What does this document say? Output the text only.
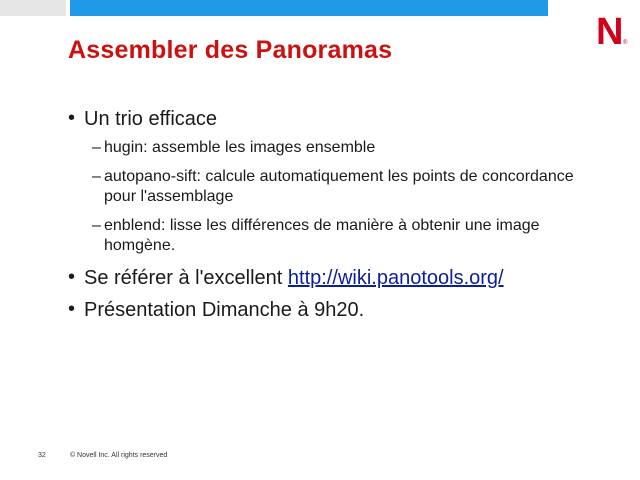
N ®
Assembler des Panoramas
• Un trio efficace
– hugin: assemble les images ensemble
– autopano-sift: calcule automatiquement les points de concordance pour l'assemblage
– enblend: lisse les différences de manière à obtenir une image homgène.
• Se référer à l'excellent http://wiki.panotools.org/
• Présentation Dimanche à 9h20.
32	© Novell Inc. All rights reserved
